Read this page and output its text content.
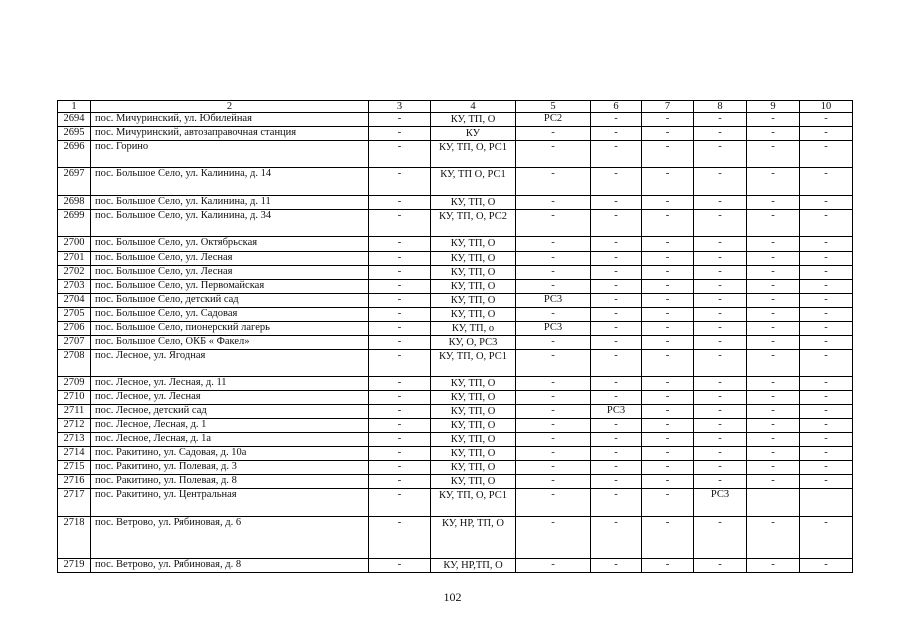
1	2	3	4	5	6	7	8	9	10
2694	пос. Мичуринский, ул. Юбилейная	-	КУ, ТП, О	РС2	-	-	-	-	-
2695	пос. Мичуринский, автозаправочная станция	-	КУ	-	-	-	-	-	-
2696	пос. Горино	-	КУ, ТП, О, РС1	-	-	-	-	-	-
2697	пос. Большое Село, ул. Калинина, д. 14	-	КУ, ТП О, РС1	-	-	-	-	-	-
2698	пос. Большое Село, ул. Калинина, д. 11	-	КУ, ТП, О	-	-	-	-	-	-
2699	пос. Большое Село, ул. Калинина, д. 34	-	КУ, ТП, О, РС2	-	-	-	-	-	-
2700	пос. Большое Село, ул. Октябрьская	-	КУ, ТП, О	-	-	-	-	-	-
2701	пос. Большое Село, ул. Лесная	-	КУ, ТП, О	-	-	-	-	-	-
2702	пос. Большое Село, ул. Лесная	-	КУ, ТП, О	-	-	-	-	-	-
2703	пос. Большое Село, ул. Первомайская	-	КУ, ТП, О	-	-	-	-	-	-
2704	пос. Большое Село, детский сад	-	КУ, ТП, О	РС3	-	-	-	-	-
2705	пос. Большое Село, ул. Садовая	-	КУ, ТП, О	-	-	-	-	-	-
2706	пос. Большое Село, пионерский лагерь	-	КУ, ТП, о	РС3	-	-	-	-	-
2707	пос. Большое Село, ОКБ « Факел»	-	КУ, О, РС3	-	-	-	-	-	-
2708	пос. Лесное, ул. Ягодная	-	КУ, ТП, О, РС1	-	-	-	-	-	-
2709	пос. Лесное, ул. Лесная, д. 11	-	КУ, ТП, О	-	-	-	-	-	-
2710	пос. Лесное, ул. Лесная	-	КУ, ТП, О	-	-	-	-	-	-
2711	пос. Лесное, детский сад	-	КУ, ТП, О	-	РС3	-	-	-	-
2712	пос. Лесное, Лесная, д. 1	-	КУ, ТП, О	-	-	-	-	-	-
2713	пос. Лесное, Лесная, д. 1а	-	КУ, ТП, О	-	-	-	-	-	-
2714	пос. Ракитино, ул. Садовая, д. 10а	-	КУ, ТП, О	-	-	-	-	-	-
2715	пос. Ракитино, ул. Полевая, д. 3	-	КУ, ТП, О	-	-	-	-	-	-
2716	пос. Ракитино, ул. Полевая, д. 8	-	КУ, ТП, О	-	-	-	-	-	-
2717	пос. Ракитино, ул. Центральная	-	КУ, ТП, О, РС1	-	-	-	РС3		
2718	пос. Ветрово, ул. Рябиновая, д. 6	-	КУ, НР, ТП, О	-	-	-	-	-	-
2719	пос. Ветрово, ул. Рябиновая, д. 8	-	КУ, НР,ТП, О	-	-	-	-	-	-
102
